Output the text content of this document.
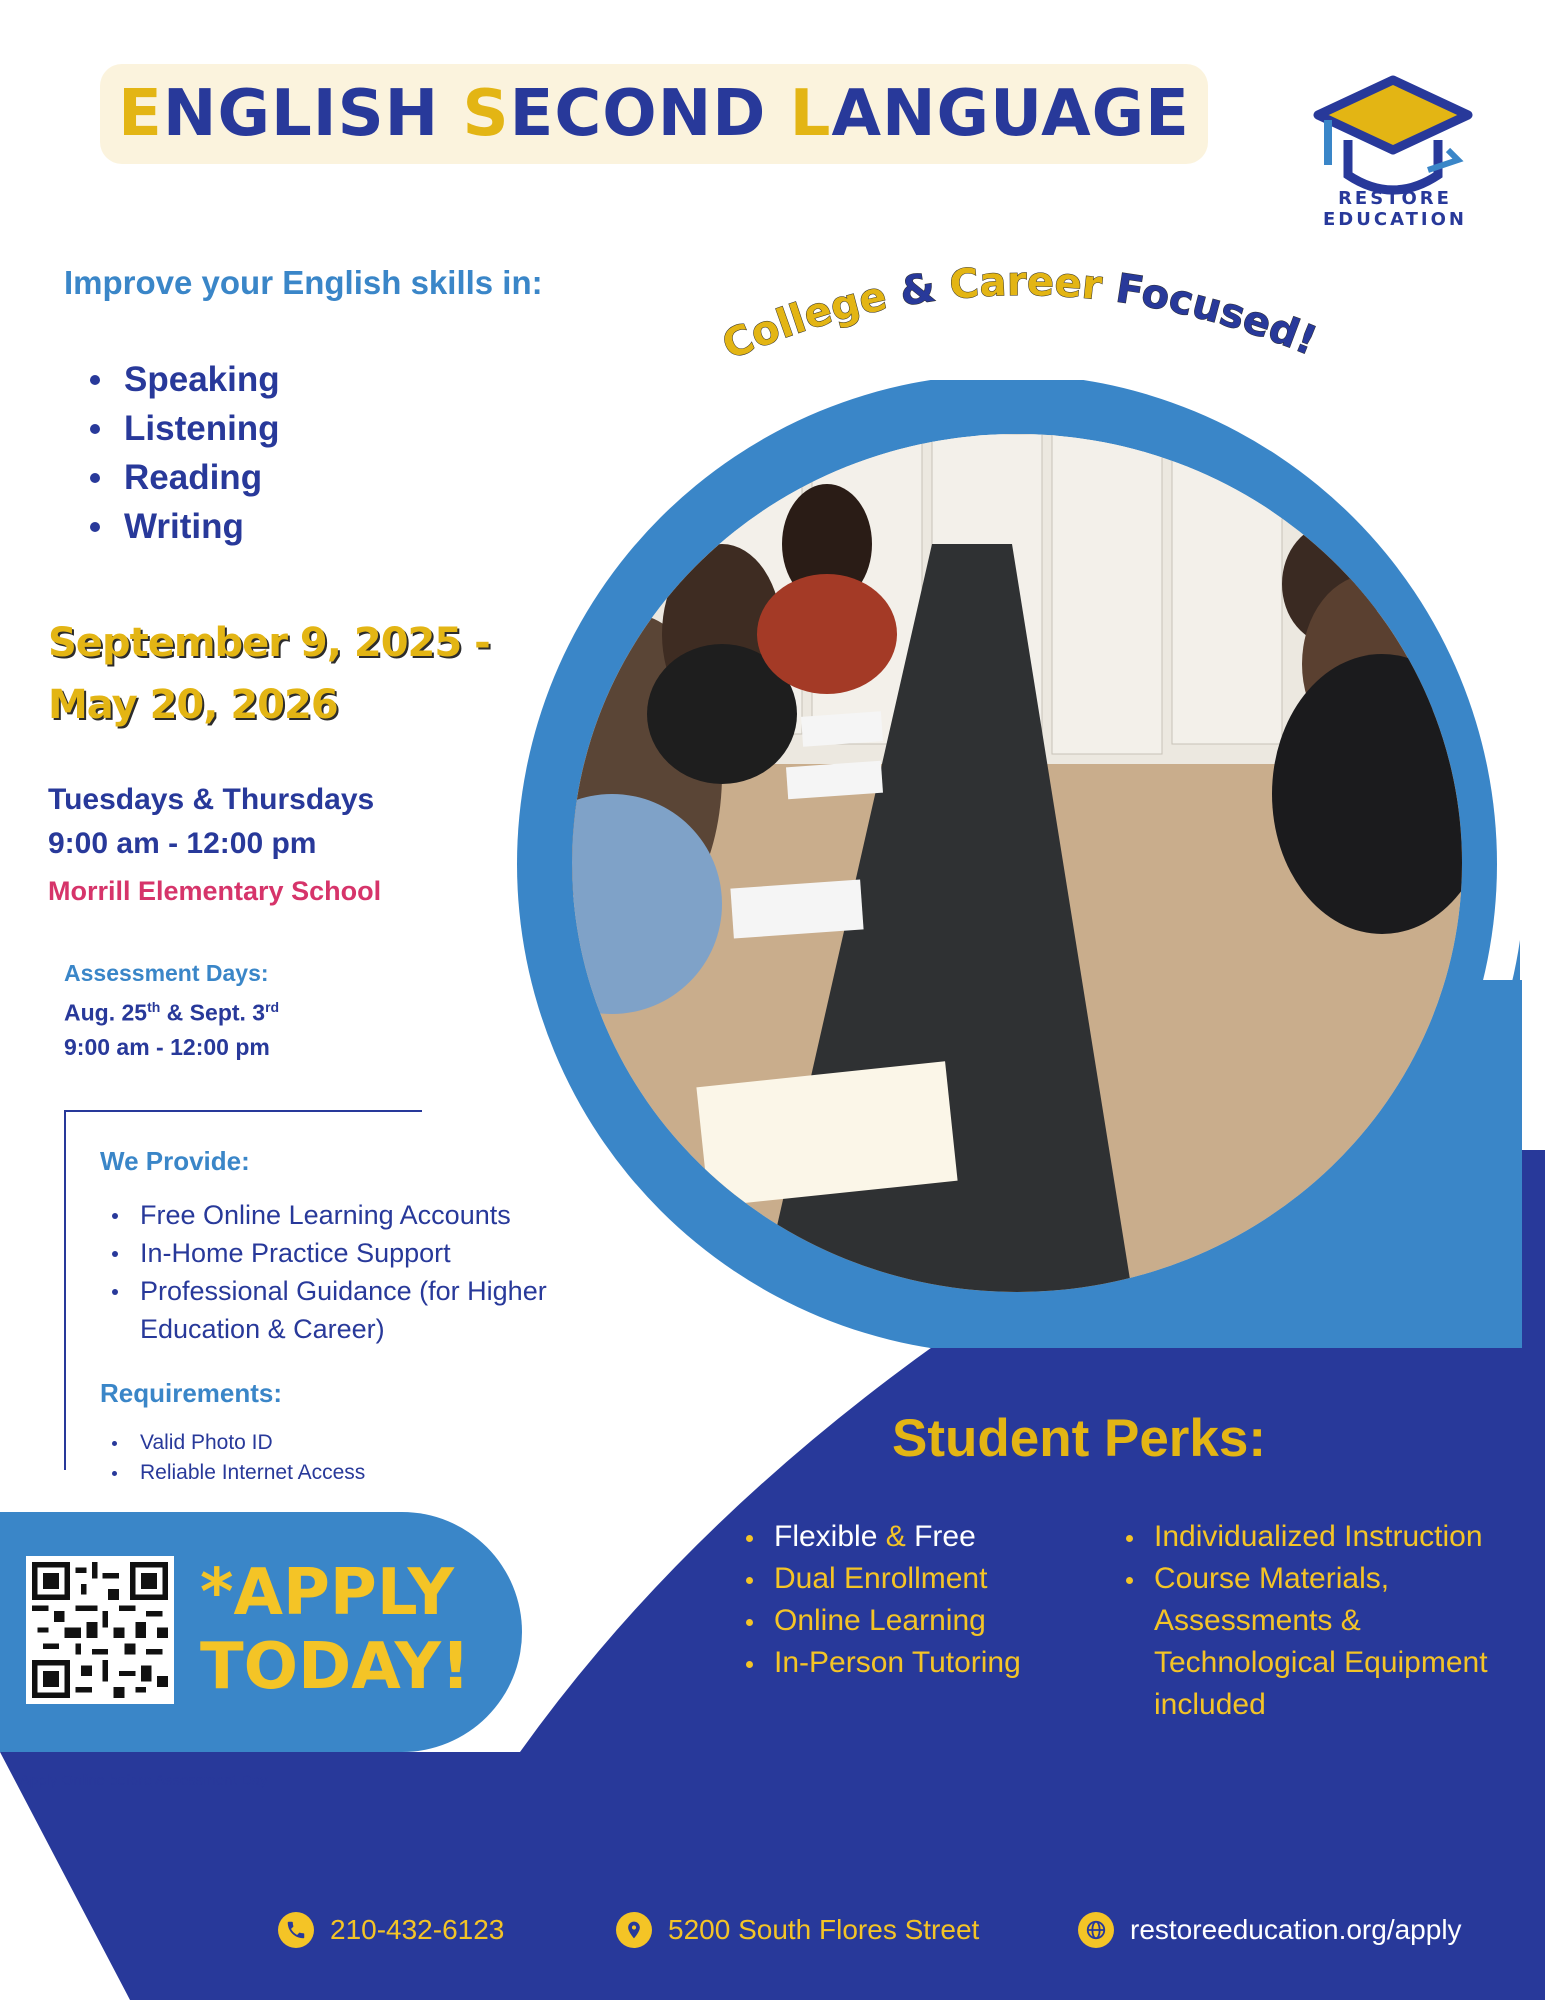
College & Career Focused!
ENGLISH SECOND LANGUAGE
RESTORE
EDUCATION
Improve your English skills in:
Speaking
Listening
Reading
Writing
September 9, 2025 -
May 20, 2026
Tuesdays & Thursdays
9:00 am - 12:00 pm
Morrill Elementary School
Assessment Days:
Aug. 25th & Sept. 3rd
9:00 am - 12:00 pm
We Provide:
Free Online Learning Accounts
In-Home Practice Support
Professional Guidance (for Higher Education & Career)
Requirements:
Valid Photo ID
Reliable Internet Access
*APPLY
TODAY!
*Apply Online before Assessment Day
Student Perks:
Flexible & Free
Dual Enrollment
Online Learning
In-Person Tutoring
Individualized Instruction
Course Materials, Assessments & Technological Equipment included
210-432-6123	5200 South Flores Street	restoreeducation.org/apply
